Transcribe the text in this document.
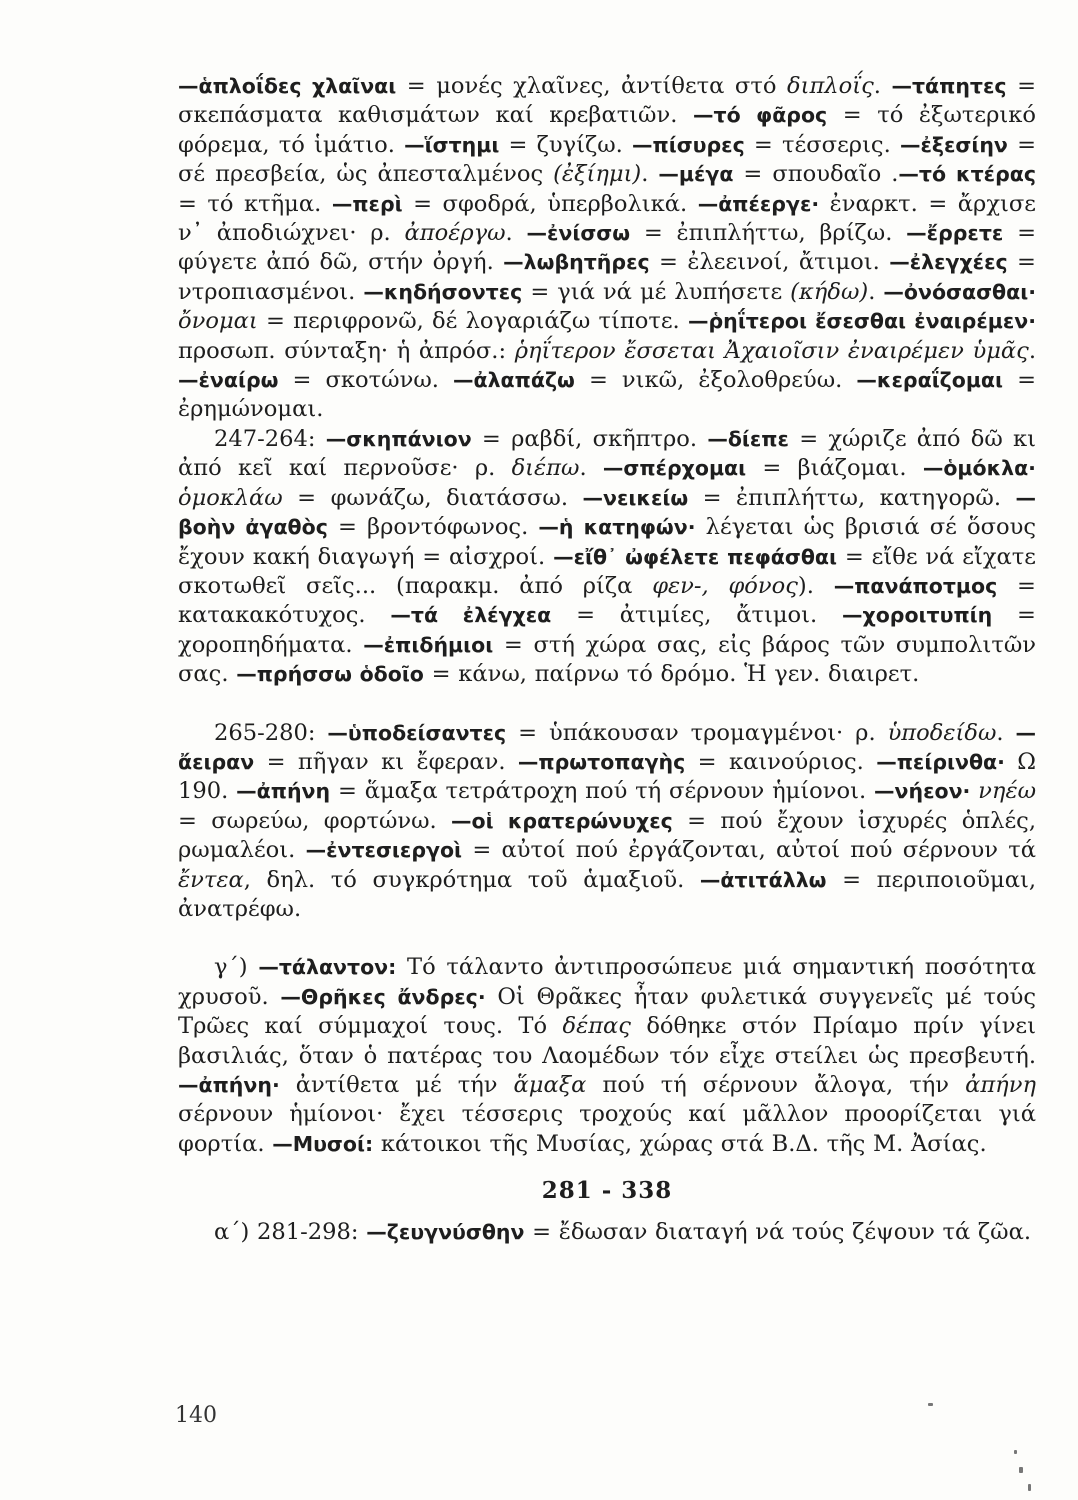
—ἁπλοΐδες χλαῖναι = μονές χλαῖνες, ἀντίθετα στό διπλοΐς. —τάπητες = σκεπάσματα καθισμάτων καί κρεβατιῶν. —τό φᾶρος = τό ἐξωτερικό φόρεμα, τό ἱμάτιο. —ἵστημι = ζυγίζω. —πίσυρες = τέσσερις. —ἐξεσίην = σέ πρεσβεία, ὡς ἀπεσταλμένος (ἐξίημι). —μέγα = σπουδαῖο .—τό κτέρας = τό κτῆμα. —περὶ = σφοδρά, ὑπερβολικά. —ἀπέεργε· ἐναρκτ. = ἄρχισε ν᾿ ἀποδιώχνει· ρ. ἀποέργω. —ἐνίσσω = ἐπιπλήττω, βρίζω. —ἔρρετε = φύγετε ἀπό δῶ, στήν ὀργή. —λωβητῆρες = ἐλεεινοί, ἄτιμοι. —ἐλεγχέες = ντροπιασμένοι. —κηδήσοντες = γιά νά μέ λυπήσετε (κήδω). —ὀνόσασθαι· ὄνομαι = περιφρονῶ, δέ λογαριάζω τίποτε. —ῥηΐτεροι ἔσεσθαι ἐναιρέμεν· προσωπ. σύνταξη· ἡ ἀπρόσ.: ῥηΐτερον ἔσσεται Ἀχαιοῖσιν ἐναιρέμεν ὑμᾶς. —ἐναίρω = σκοτώνω. —ἀλαπάζω = νικῶ, ἐξολοθρεύω. —κεραΐζομαι = ἐρημώνομαι.

247-264: —σκηπάνιον = ραβδί, σκῆπτρο. —δίεπε = χώριζε ἀπό δῶ κι ἀπό κεῖ καί περνοῦσε· ρ. διέπω. —σπέρχομαι = βιάζομαι. —ὁμόκλα· ὁμοκλάω = φωνάζω, διατάσσω. —νεικείω = ἐπιπλήττω, κατηγορῶ. —βοὴν ἀγαθὸς = βροντόφωνος. —ἡ κατηφών· λέγεται ὡς βρισιά σέ ὅσους ἔχουν κακή διαγωγή = αἰσχροί. —εἴθ᾿ ὠφέλετε πεφάσθαι = εἴθε νά εἴχατε σκοτωθεῖ σεῖς... (παρακμ. ἀπό ρίζα φεν-, φόνος). —πανάποτμος = κατακακότυχος. —τά ἐλέγχεα = ἀτιμίες, ἄτιμοι. —χοροιτυπίη = χοροπηδήματα. —ἐπιδήμιοι = στή χώρα σας, εἰς βάρος τῶν συμπολιτῶν σας. —πρήσσω ὁδοῖο = κάνω, παίρνω τό δρόμο. Ἡ γεν. διαιρετ.

265-280: —ὑποδείσαντες = ὑπάκουσαν τρομαγμένοι· ρ. ὑποδείδω. —ἄειραν = πῆγαν κι ἔφεραν. —πρωτοπαγὴς = καινούριος. —πείρινθα· Ω 190. —ἀπήνη = ἅμαξα τετράτροχη πού τή σέρνουν ἡμίονοι. —νήεον· νηέω = σωρεύω, φορτώνω. —οἱ κρατερώνυχες = πού ἔχουν ἰσχυρές ὁπλές, ρωμαλέοι. —ἐντεσιεργοὶ = αὐτοί πού ἐργάζονται, αὐτοί πού σέρνουν τά ἔντεα, δηλ. τό συγκρότημα τοῦ ἁμαξιοῦ. —ἀτιτάλλω = περιποιοῦμαι, ἀνατρέφω.

γ΄) —τάλαντον: Τό τάλαντο ἀντιπροσώπευε μιά σημαντική ποσότητα χρυσοῦ. —Θρῆκες ἄνδρες· Οἱ Θρᾶκες ἦταν φυλετικά συγγενεῖς μέ τούς Τρῶες καί σύμμαχοί τους. Τό δέπας δόθηκε στόν Πρίαμο πρίν γίνει βασιλιάς, ὅταν ὁ πατέρας του Λαομέδων τόν εἶχε στείλει ὡς πρεσβευτή. —ἀπήνη· ἀντίθετα μέ τήν ἅμαξα πού τή σέρνουν ἄλογα, τήν ἀπήνη σέρνουν ἡμίονοι· ἔχει τέσσερις τροχούς καί μᾶλλον προορίζεται γιά φορτία. —Μυσοί: κάτοικοι τῆς Μυσίας, χώρας στά Β.Δ. τῆς Μ. Ἀσίας.

281 - 338

α΄) 281-298: —ζευγνύσθην = ἔδωσαν διαταγή νά τούς ζέψουν τά ζῶα.

140
